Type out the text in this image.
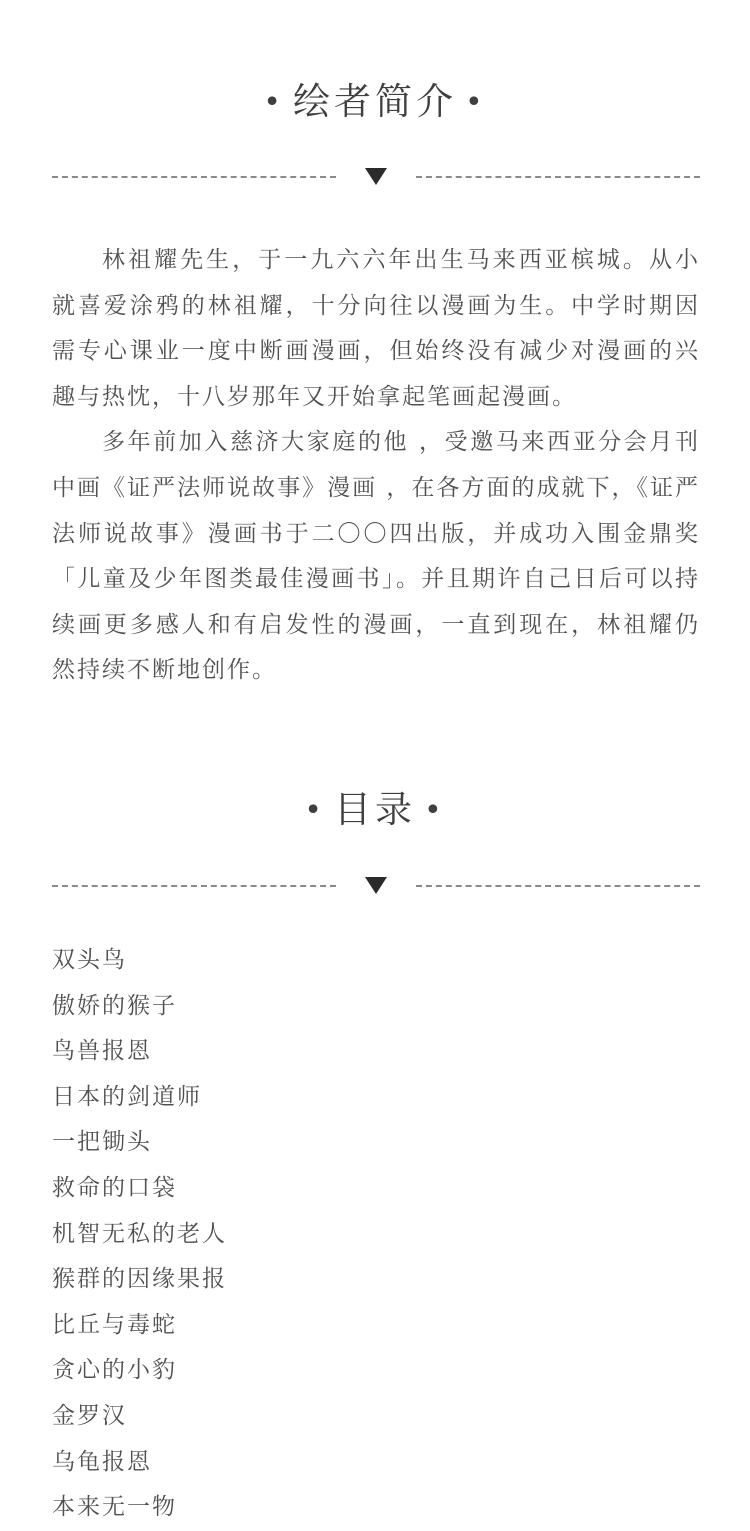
• 绘者简介 •

林祖耀先生，于一九六六年出生马来西亚槟城。从小就喜爱涂鸦的林祖耀，十分向往以漫画为生。中学时期因需专心课业一度中断画漫画，但始终没有减少对漫画的兴趣与热忱，十八岁那年又开始拿起笔画起漫画。

多年前加入慈济大家庭的他 ，受邀马来西亚分会月刊中画《证严法师说故事》漫画 ，在各方面的成就下，《证严法师说故事》漫画书于二〇〇四出版，并成功入围金鼎奖「儿童及少年图类最佳漫画书」。并且期许自己日后可以持续画更多感人和有启发性的漫画，一直到现在，林祖耀仍然持续不断地创作。

• 目录 •
双头鸟
傲娇的猴子
鸟兽报恩
日本的剑道师
一把锄头
救命的口袋
机智无私的老人
猴群的因缘果报
比丘与毒蛇
贪心的小豹
金罗汉
乌龟报恩
本来无一物
